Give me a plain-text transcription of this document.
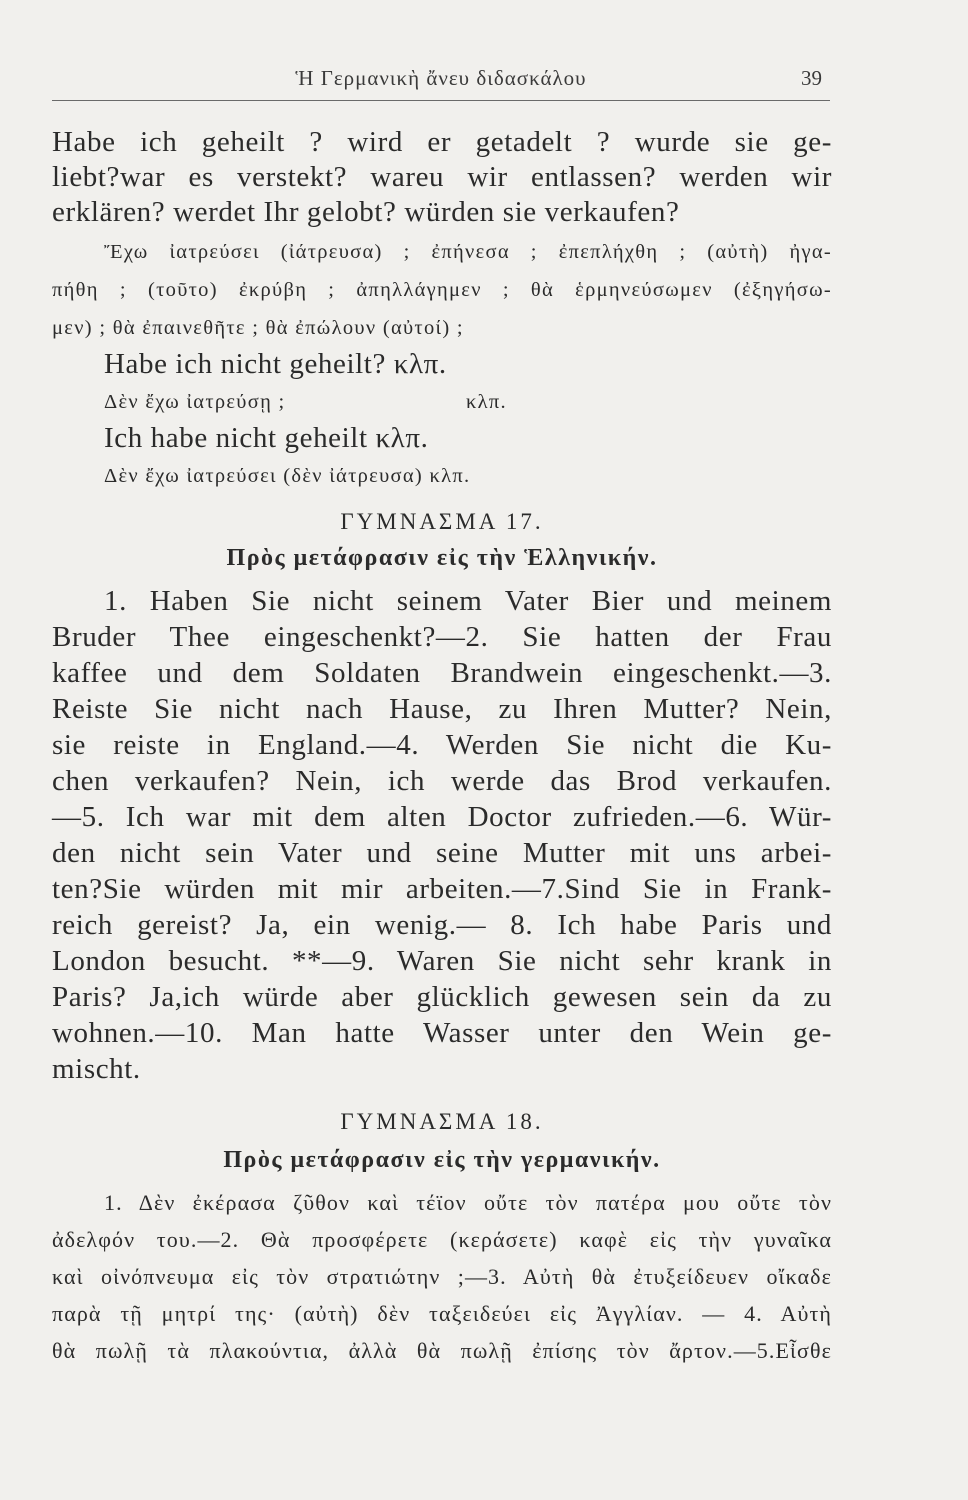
Ἡ Γερμανικὴ ἄνευ διδασκάλου	39
Habe ich geheilt ? wird er getadelt ? wurde sie ge-
liebt?war es verstekt? wareu wir entlassen? werden wir
erklären? werdet Ihr gelobt? würden sie verkaufen?
Ἔχω ἰατρεύσει (ἰάτρευσα) ; ἐπήνεσα ; ἐπεπλήχθη ; (αὐτὴ) ἠγα-
πήθη ; (τοῦτο) ἐκρύβη ; ἀπηλλάγημεν ; θὰ ἑρμηνεύσωμεν (ἐξηγήσω-
μεν) ; θὰ ἐπαινεθῆτε ; θὰ ἐπώλουν (αὐτοί) ;
Habe ich nicht geheilt? κλπ.
Δὲν ἔχω ἰατρεύσῃ ;	κλπ.
Ich habe nicht geheilt κλπ.
Δὲν ἔχω ἰατρεύσει (δὲν ἰάτρευσα) κλπ.
ΓΥΜΝΑΣΜΑ 17.
Πρὸς μετάφρασιν εἰς τὴν Ἑλληνικήν.
1. Haben Sie nicht seinem Vater Bier und meinem
Bruder Thee eingeschenkt?—2. Sie hatten der Frau
kaffee und dem Soldaten Brandwein eingeschenkt.—3.
Reiste Sie nicht nach Hause, zu Ihren Mutter? Nein,
sie reiste in England.—4. Werden Sie nicht die Ku-
chen verkaufen? Nein, ich werde das Brod verkaufen.
—5. Ich war mit dem alten Doctor zufrieden.—6. Wür-
den nicht sein Vater und seine Mutter mit uns arbei-
ten?Sie würden mit mir arbeiten.—7.Sind Sie in Frank-
reich gereist? Ja, ein wenig.— 8. Ich habe Paris und
London besucht. **—9. Waren Sie nicht sehr krank in
Paris? Ja,ich würde aber glücklich gewesen sein da zu
wohnen.—10. Man hatte Wasser unter den Wein ge-
mischt.
ΓΥΜΝΑΣΜΑ 18.
Πρὸς μετάφρασιν εἰς τὴν γερμανικήν.
1. Δὲν ἐκέρασα ζῦθον καὶ τέϊον οὔτε τὸν πατέρα μου οὔτε τὸν
ἀδελφόν του.—2. Θὰ προσφέρετε (κεράσετε) καφὲ εἰς τὴν γυναῖκα
καὶ οἰνόπνευμα εἰς τὸν στρατιώτην ;—3. Αὐτὴ θὰ ἐτυξείδευεν οἴκαδε
παρὰ τῇ μητρί της· (αὐτὴ) δὲν ταξειδεύει εἰς Ἀγγλίαν. — 4. Αὐτὴ
θὰ πωλῇ τὰ πλακούντια, ἀλλὰ θὰ πωλῇ ἐπίσης τὸν ἄρτον.—5.Εἶσθε
